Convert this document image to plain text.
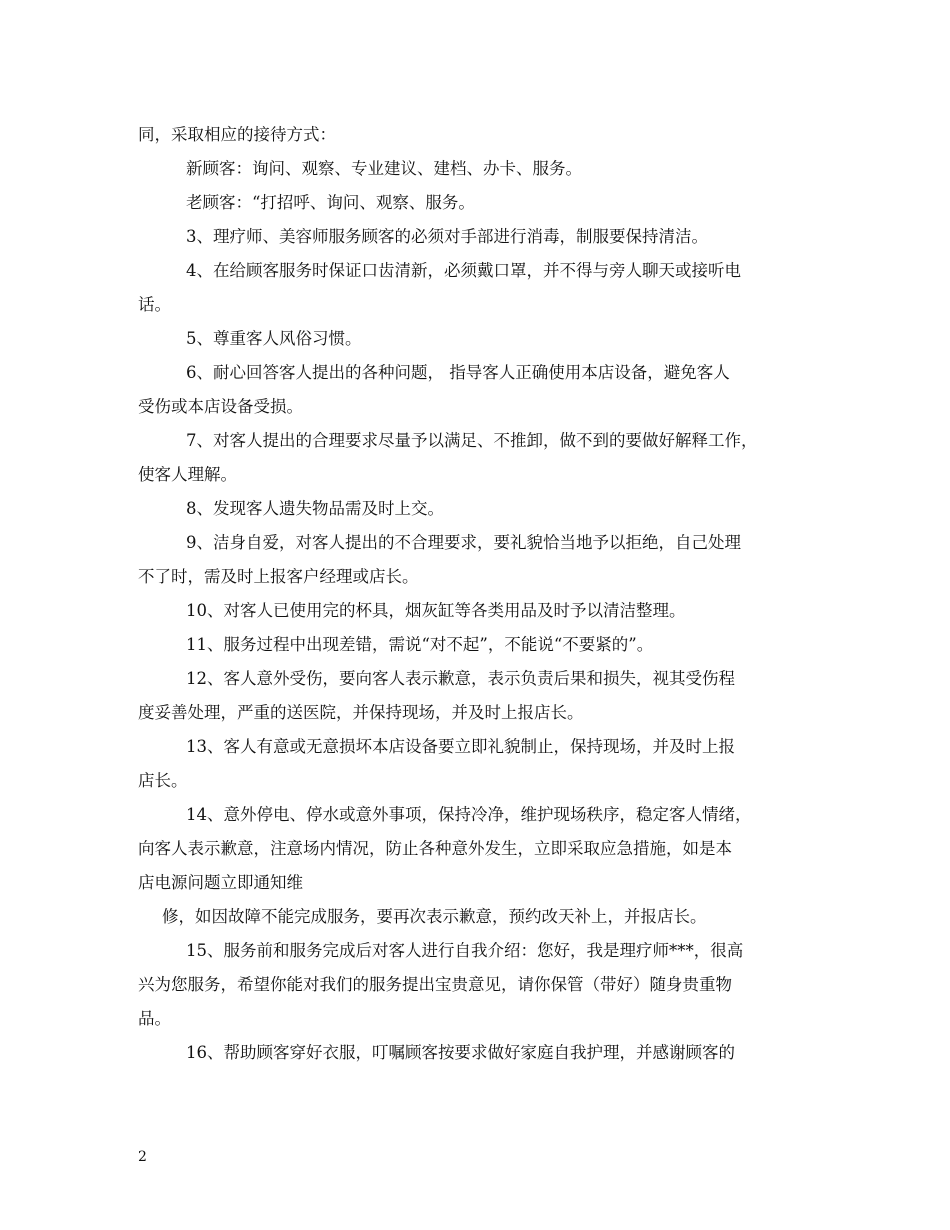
同，采取相应的接待方式：
新顾客：询问、观察、专业建议、建档、办卡、服务。
老顾客：“打招呼、询问、观察、服务。
3、理疗师、美容师服务顾客的必须对手部进行消毒，制服要保持清洁。
4、在给顾客服务时保证口齿清新，必须戴口罩，并不得与旁人聊天或接听电
话。
5、尊重客人风俗习惯。
6、耐心回答客人提出的各种问题， 指导客人正确使用本店设备，避免客人
受伤或本店设备受损。
7、对客人提出的合理要求尽量予以满足、不推卸，做不到的要做好解释工作，
使客人理解。
8、发现客人遗失物品需及时上交。
9、洁身自爱，对客人提出的不合理要求，要礼貌恰当地予以拒绝，自己处理
不了时，需及时上报客户经理或店长。
10、对客人已使用完的杯具，烟灰缸等各类用品及时予以清洁整理。
11、服务过程中出现差错，需说“对不起”，不能说“不要紧的”。
12、客人意外受伤，要向客人表示歉意，表示负责后果和损失，视其受伤程
度妥善处理，严重的送医院，并保持现场，并及时上报店长。
13、客人有意或无意损坏本店设备要立即礼貌制止，保持现场，并及时上报
店长。
14、意外停电、停水或意外事项，保持冷净，维护现场秩序，稳定客人情绪，
向客人表示歉意，注意场内情况，防止各种意外发生，立即采取应急措施，如是本
店电源问题立即通知维
修，如因故障不能完成服务，要再次表示歉意，预约改天补上，并报店长。
15、服务前和服务完成后对客人进行自我介绍：您好，我是理疗师***，很高
兴为您服务，希望你能对我们的服务提出宝贵意见，请你保管（带好）随身贵重物
品。
16、帮助顾客穿好衣服，叮嘱顾客按要求做好家庭自我护理，并感谢顾客的
2
